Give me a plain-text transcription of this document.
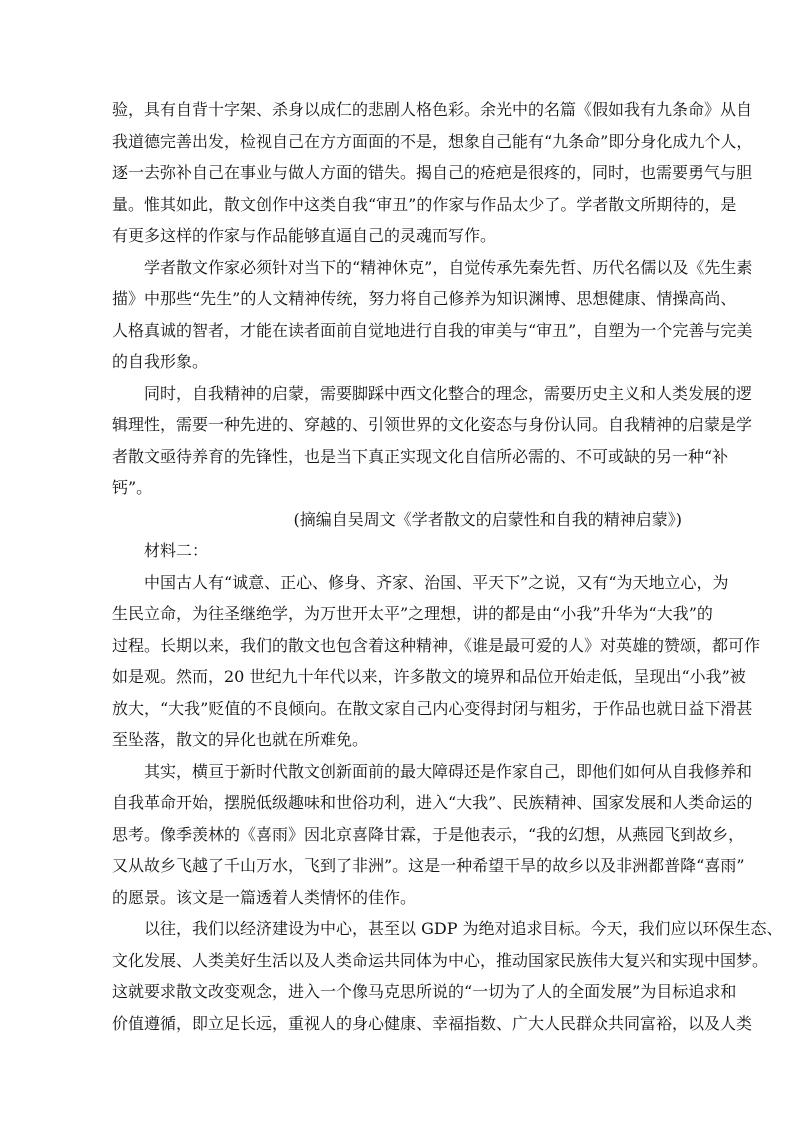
验，具有自背十字架、杀身以成仁的悲剧人格色彩。余光中的名篇《假如我有九条命》从自
我道德完善出发，检视自己在方方面面的不是，想象自己能有“九条命”即分身化成九个人，
逐一去弥补自己在事业与做人方面的错失。揭自己的疮疤是很疼的，同时，也需要勇气与胆
量。惟其如此，散文创作中这类自我“审丑”的作家与作品太少了。学者散文所期待的，是
有更多这样的作家与作品能够直逼自己的灵魂而写作。
学者散文作家必须针对当下的“精神休克”，自觉传承先秦先哲、历代名儒以及《先生素
描》中那些“先生”的人文精神传统，努力将自己修养为知识渊博、思想健康、情操高尚、
人格真诚的智者，才能在读者面前自觉地进行自我的审美与“审丑”，自塑为一个完善与完美
的自我形象。
同时，自我精神的启蒙，需要脚踩中西文化整合的理念，需要历史主义和人类发展的逻
辑理性，需要一种先进的、穿越的、引领世界的文化姿态与身份认同。自我精神的启蒙是学
者散文亟待养育的先锋性，也是当下真正实现文化自信所必需的、不可或缺的另一种“补
钙”。
(摘编自吴周文《学者散文的启蒙性和自我的精神启蒙》)
材料二：
中国古人有“诚意、正心、修身、齐家、治国、平天下”之说，又有“为天地立心，为
生民立命，为往圣继绝学，为万世开太平”之理想，讲的都是由“小我”升华为“大我”的
过程。长期以来，我们的散文也包含着这种精神，《谁是最可爱的人》对英雄的赞颂，都可作
如是观。然而，20 世纪九十年代以来，许多散文的境界和品位开始走低，呈现出“小我”被
放大，“大我”贬值的不良倾向。在散文家自己内心变得封闭与粗劣，于作品也就日益下滑甚
至坠落，散文的异化也就在所难免。
其实，横亘于新时代散文创新面前的最大障碍还是作家自己，即他们如何从自我修养和
自我革命开始，摆脱低级趣味和世俗功利，进入“大我”、民族精神、国家发展和人类命运的
思考。像季羡林的《喜雨》因北京喜降甘霖，于是他表示，“我的幻想，从燕园飞到故乡，
又从故乡飞越了千山万水，飞到了非洲”。这是一种希望干旱的故乡以及非洲都普降“喜雨”
的愿景。该文是一篇透着人类情怀的佳作。
以往，我们以经济建设为中心，甚至以 GDP 为绝对追求目标。今天，我们应以环保生态、
文化发展、人类美好生活以及人类命运共同体为中心，推动国家民族伟大复兴和实现中国梦。
这就要求散文改变观念，进入一个像马克思所说的“一切为了人的全面发展”为目标追求和
价值遵循，即立足长远，重视人的身心健康、幸福指数、广大人民群众共同富裕，以及人类
